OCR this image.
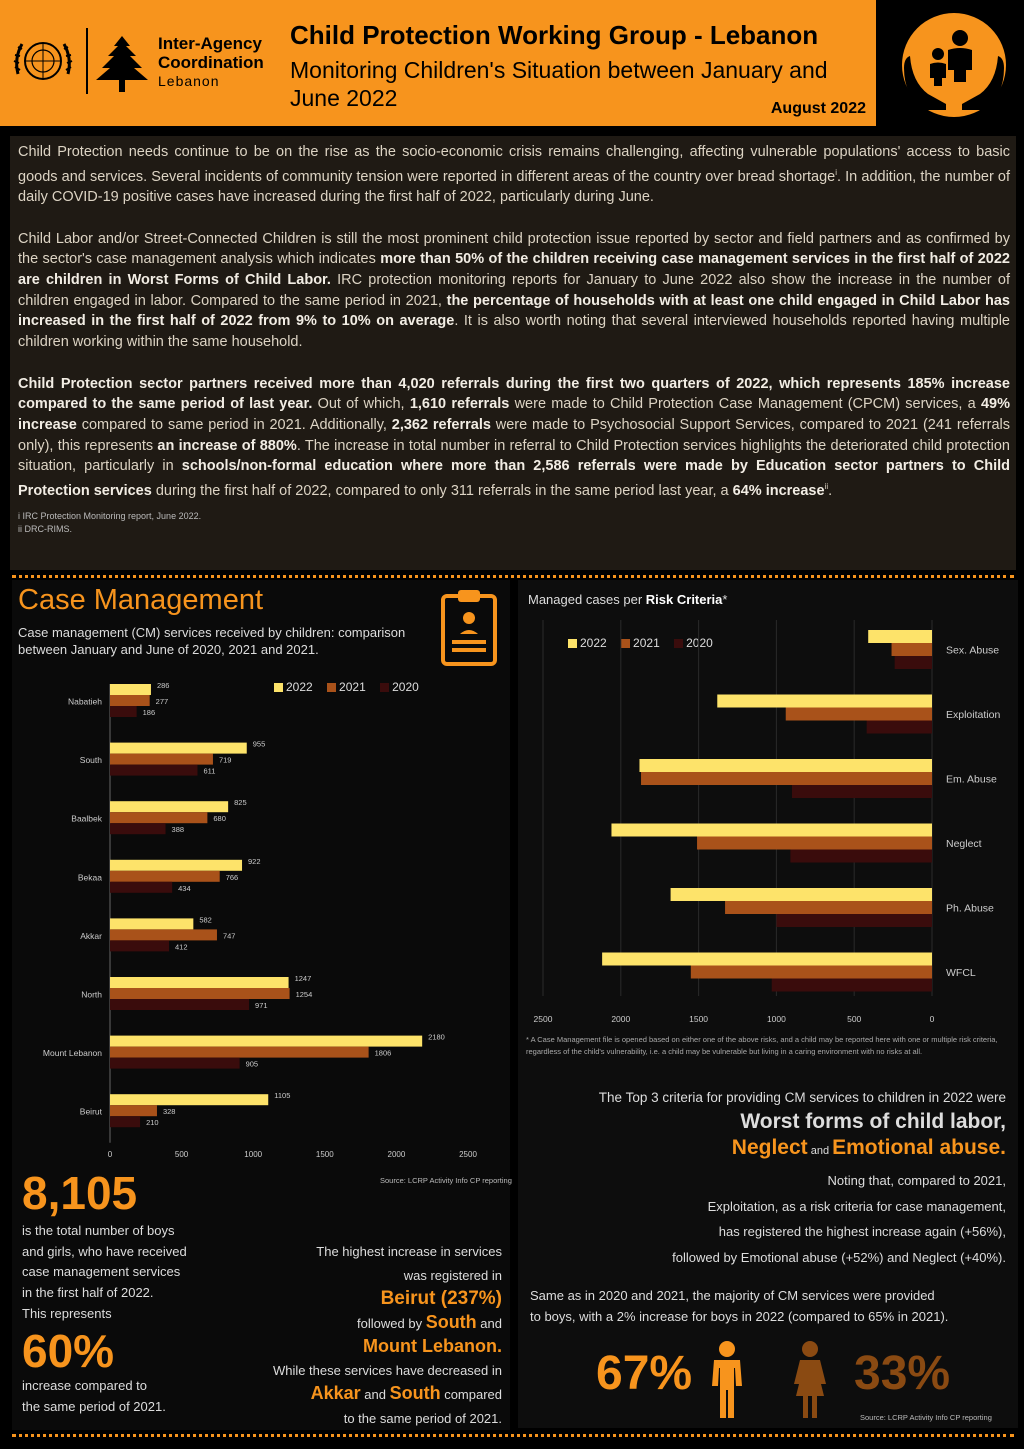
Inter-Agency
Coordination
Lebanon
Child Protection Working Group - Lebanon
Monitoring Children's Situation between January and June 2022	August 2022

Child Protection needs continue to be on the rise as the socio-economic crisis remains challenging, affecting vulnerable populations' access to basic goods and services. Several incidents of community tension were reported in different areas of the country over bread shortage$^i$. In addition, the number of daily COVID-19 positive cases have increased during the first half of 2022, particularly during June.

Child Labor and/or Street-Connected Children is still the most prominent child protection issue reported by sector and field partners and as confirmed by the sector's case management analysis which indicates more than 50% of the children receiving case management services in the first half of 2022 are children in Worst Forms of Child Labor. IRC protection monitoring reports for January to June 2022 also show the increase in the number of children engaged in labor. Compared to the same period in 2021, the percentage of households with at least one child engaged in Child Labor has increased in the first half of 2022 from 9% to 10% on average. It is also worth noting that several interviewed households reported having multiple children working within the same household.

Child Protection sector partners received more than 4,020 referrals during the first two quarters of 2022, which represents 185% increase compared to the same period of last year. Out of which, 1,610 referrals were made to Child Protection Case Management (CPCM) services, a 49% increase compared to same period in 2021. Additionally, 2,362 referrals were made to Psychosocial Support Services, compared to 2021 (241 referrals only), this represents an increase of 880%. The increase in total number in referral to Child Protection services highlights the deteriorated child protection situation, particularly in schools/non-formal education where more than 2,586 referrals were made by Education sector partners to Child Protection services during the first half of 2022, compared to only 311 referrals in the same period last year, a 64% increase$^{ii}$.

i IRC Protection Monitoring report, June 2022.
ii DRC-RIMS.
Case Management
Case management (CM) services received by children: comparison between January and June of 2020, 2021 and 2021.
2022 2021 2020
Nabatieh
286
277
186
South
955
719
611
Baalbek
825
680
388
Bekaa
922
766
434
Akkar
582
747
412
North
1247
1254
971
Mount Lebanon
2180
1806
905
Beirut
1105
328
210
0	500	1000	1500	2000	2500
Source: LCRP Activity Info CP reporting
8,105
is the total number of boys
and girls, who have received
case management services
in the first half of 2022.
This represents
60%
increase compared to
the same period of 2021.
The highest increase in services
was registered in
Beirut (237%)
followed by South and
Mount Lebanon.
While these services have decreased in
Akkar and South compared
to the same period of 2021.
Managed cases per Risk Criteria*
2022 2021 2020
2500	2000	1500	1000	500	0
Sex. Abuse
Exploitation
Em. Abuse
Neglect
Ph. Abuse
WFCL
* A Case Management file is opened based on either one of the above risks, and a child may be reported here with one or multiple risk criteria, regardless of the child's vulnerability, i.e. a child may be vulnerable but living in a caring environment with no risks at all.
The Top 3 criteria for providing CM services to children in 2022 were
Worst forms of child labor,
Neglect and Emotional abuse.
Noting that, compared to 2021,
Exploitation, as a risk criteria for case management,
has registered the highest increase again (+56%),
followed by Emotional abuse (+52%) and Neglect (+40%).
Same as in 2020 and 2021, the majority of CM services were provided
to boys, with a 2% increase for boys in 2022 (compared to 65% in 2021).
67%	33%
Source: LCRP Activity Info CP reporting
